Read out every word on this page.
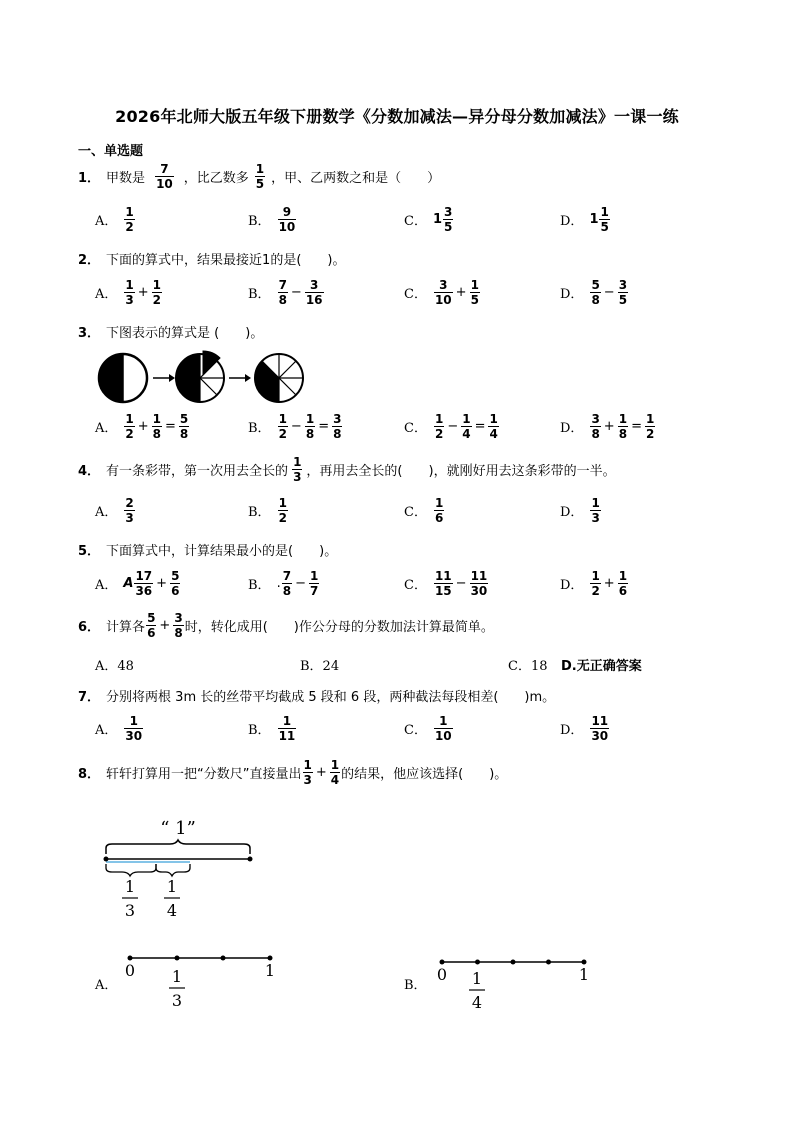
2026年北师大版五年级下册数学《分数加减法—异分母分数加减法》一课一练
一、单选题
1． 甲数是 $\frac{7}{10}$ ，比乙数多 $\frac{1}{5}$ ，甲、乙两数之和是（　　）
A． $\frac{1}{2}$	B． $\frac{9}{10}$	C． $1 \frac{3}{5}$	D． $1 \frac{1}{5}$
2． 下面的算式中，结果最接近1的是(　　)。
A． $\frac{1}{3} + \frac{1}{2}$	B． $\frac{7}{8} - \frac{3}{16}$	C． $\frac{3}{10} + \frac{1}{5}$	D． $\frac{5}{8} - \frac{3}{5}$
3． 下图表示的算式是 (　　)。
A． $\frac{1}{2} + \frac{1}{8} = \frac{5}{8}$	B． $\frac{1}{2} - \frac{1}{8} = \frac{3}{8}$	C． $\frac{1}{2} - \frac{1}{4} = \frac{1}{4}$	D． $\frac{3}{8} + \frac{1}{8} = \frac{1}{2}$
4． 有一条彩带，第一次用去全长的 $\frac{1}{3}$ ，再用去全长的(　　)，就刚好用去这条彩带的一半。
A． $\frac{2}{3}$	B． $\frac{1}{2}$	C． $\frac{1}{6}$	D． $\frac{1}{3}$
5． 下面算式中，计算结果最小的是(　　)。
A． A $\frac{17}{36} + \frac{5}{6}$	B． . $\frac{7}{8} - \frac{1}{7}$	C． $\frac{11}{15} - \frac{11}{30}$	D． $\frac{1}{2} + \frac{1}{6}$
6． 计算各 $\frac{5}{6} + \frac{3}{8}$ 时，转化成用(　　)作公分母的分数加法计算最简单。
A．48	B．24	C．18 D.无正确答案
7． 分别将两根 3m 长的丝带平均截成 5 段和 6 段，两种截法每段相差(　　)m。
A． $\frac{1}{30}$	B． $\frac{1}{11}$	C． $\frac{1}{10}$	D． $\frac{11}{30}$
8． 轩轩打算用一把“分数尺”直接量出 $\frac{1}{3} + \frac{1}{4}$ 的结果，他应该选择(　　)。
“ 1”
1
3
1
4
A．
0 1
3
1
B．
0 1
4
1
